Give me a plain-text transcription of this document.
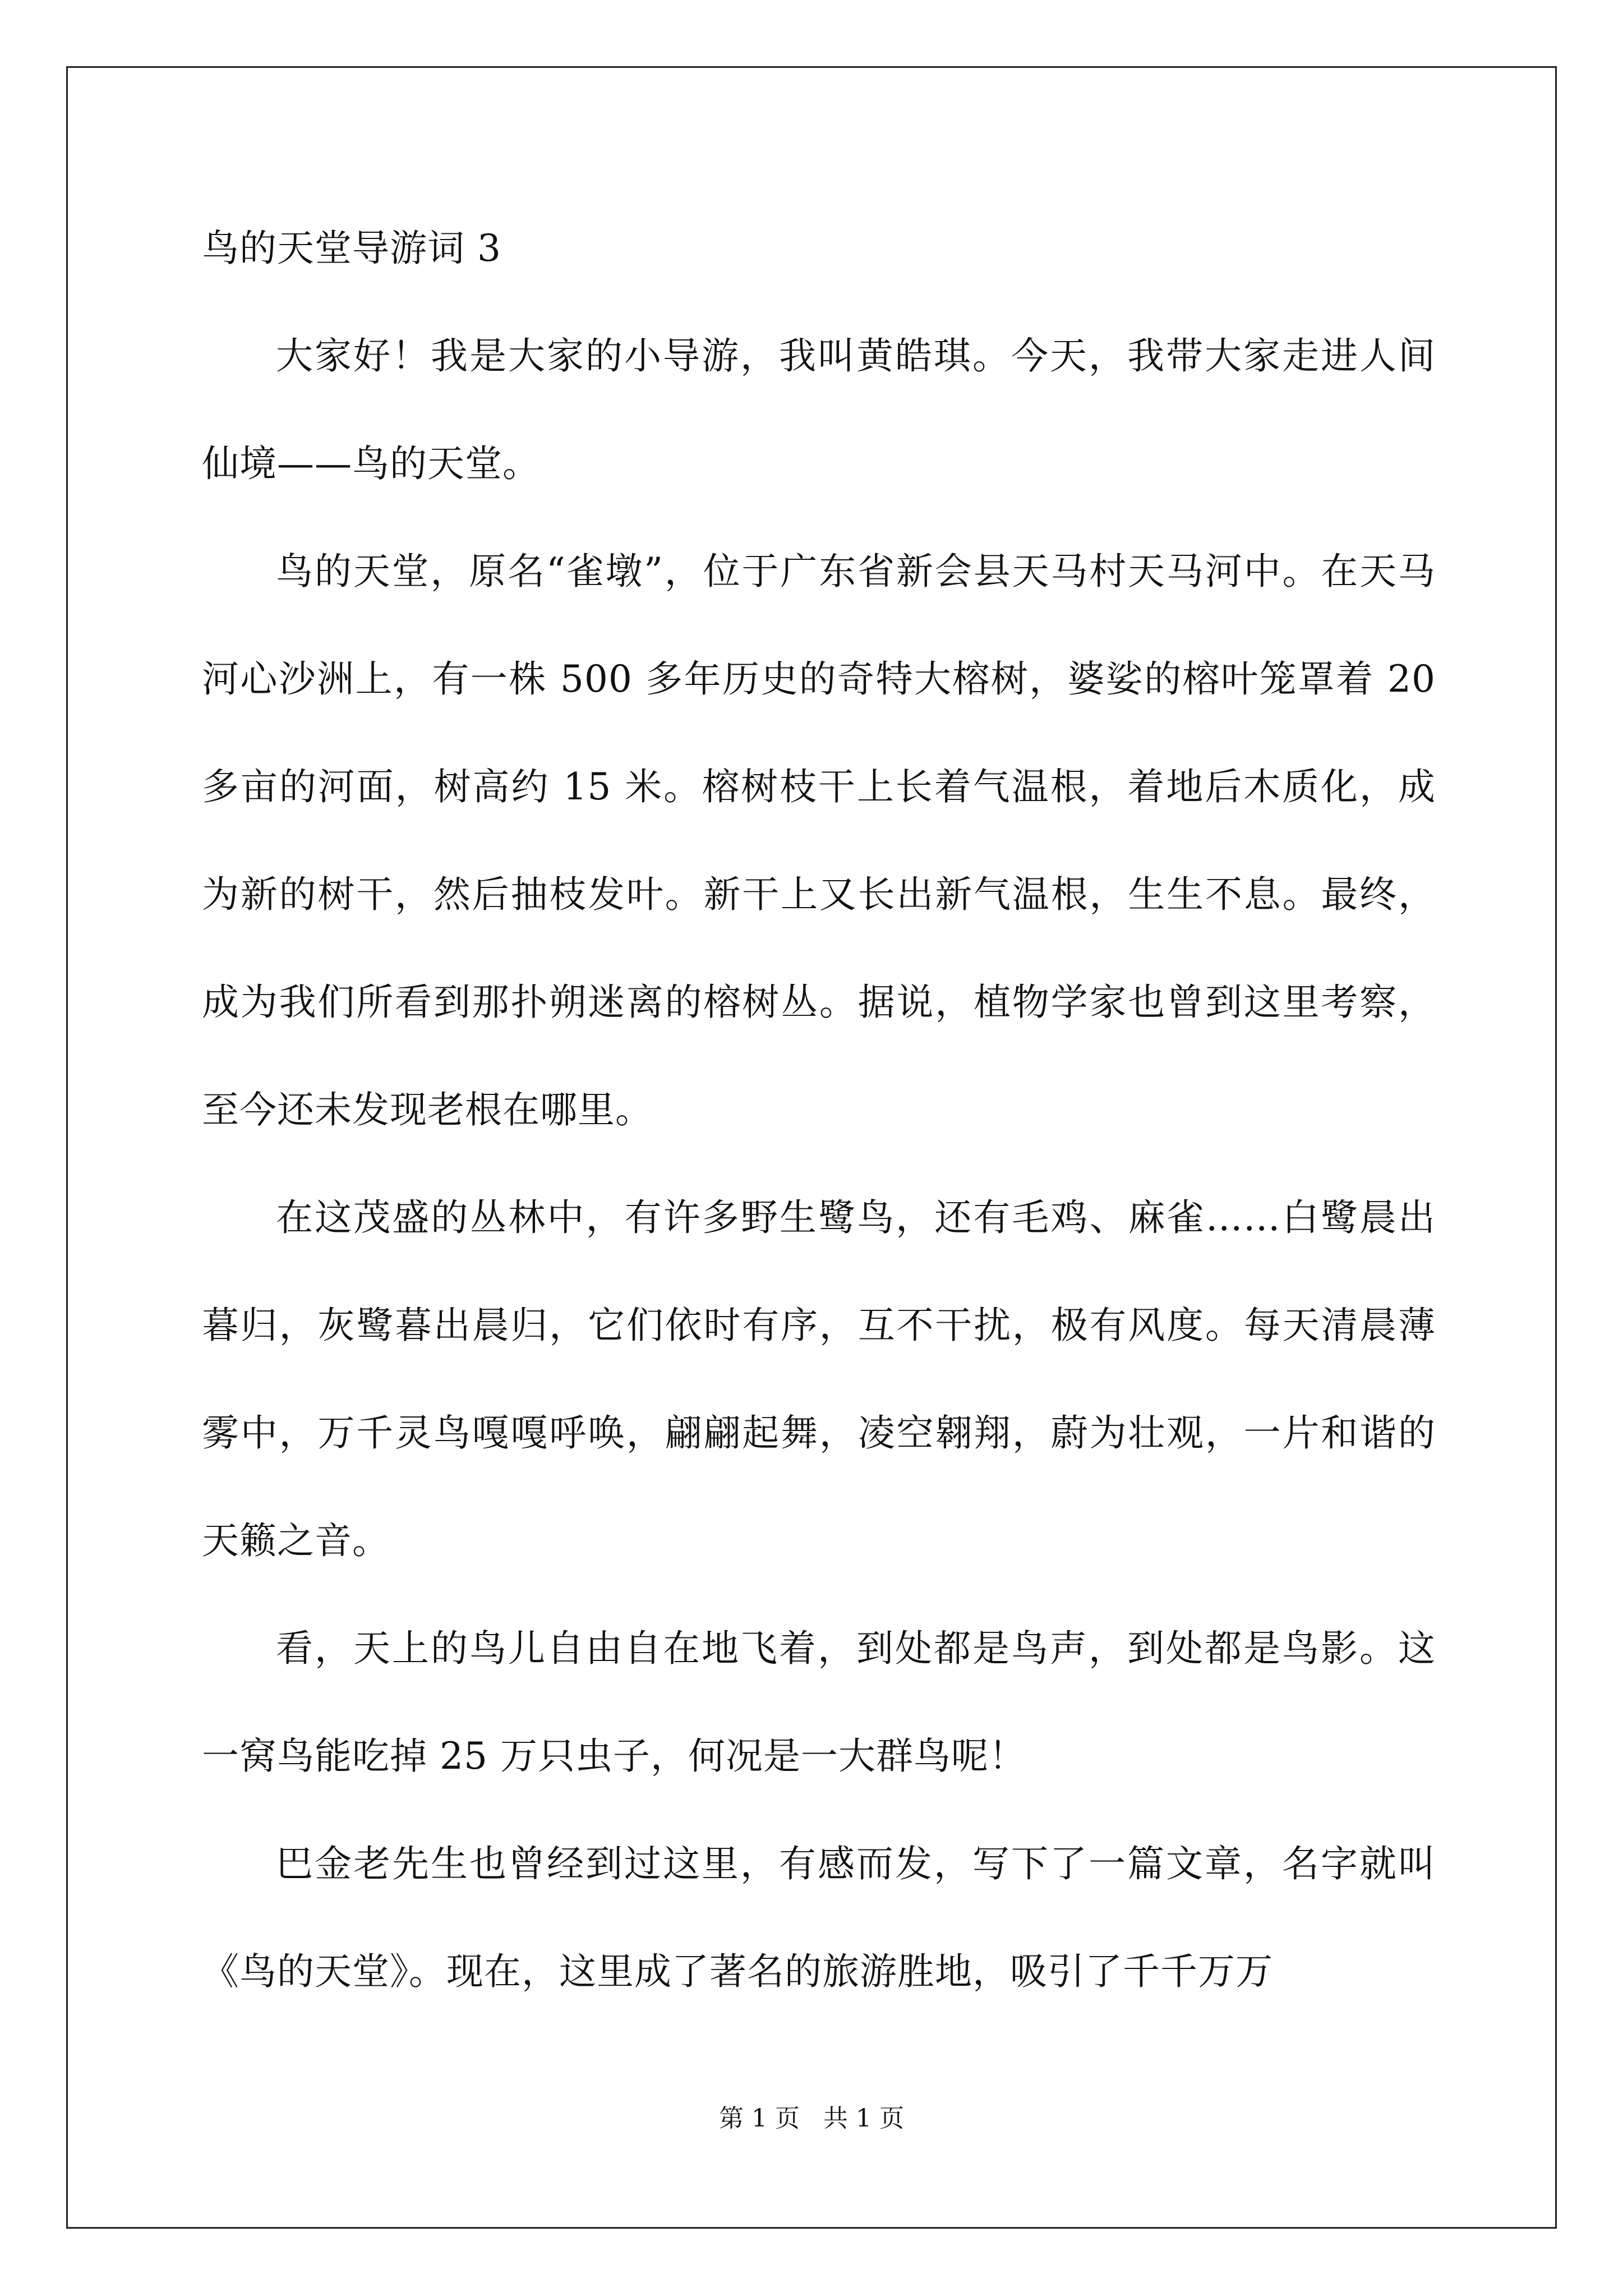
鸟的天堂导游词 3

大家好！我是大家的小导游，我叫黄皓琪。今天，我带大家走进人间仙境——鸟的天堂。

鸟的天堂，原名“雀墩”，位于广东省新会县天马村天马河中。在天马河心沙洲上，有一株 500 多年历史的奇特大榕树，婆娑的榕叶笼罩着 20 多亩的河面，树高约 15 米。榕树枝干上长着气温根，着地后木质化，成为新的树干，然后抽枝发叶。新干上又长出新气温根，生生不息。最终，成为我们所看到那扑朔迷离的榕树丛。据说，植物学家也曾到这里考察，至今还未发现老根在哪里。

在这茂盛的丛林中，有许多野生鹭鸟，还有毛鸡、麻雀……白鹭晨出暮归，灰鹭暮出晨归，它们依时有序，互不干扰，极有风度。每天清晨薄雾中，万千灵鸟嘎嘎呼唤，翩翩起舞，凌空翱翔，蔚为壮观，一片和谐的天籁之音。

看，天上的鸟儿自由自在地飞着，到处都是鸟声，到处都是鸟影。这一窝鸟能吃掉 25 万只虫子，何况是一大群鸟呢！

巴金老先生也曾经到过这里，有感而发，写下了一篇文章，名字就叫《鸟的天堂》。现在，这里成了著名的旅游胜地，吸引了千千万万

第 1 页   共 1 页
